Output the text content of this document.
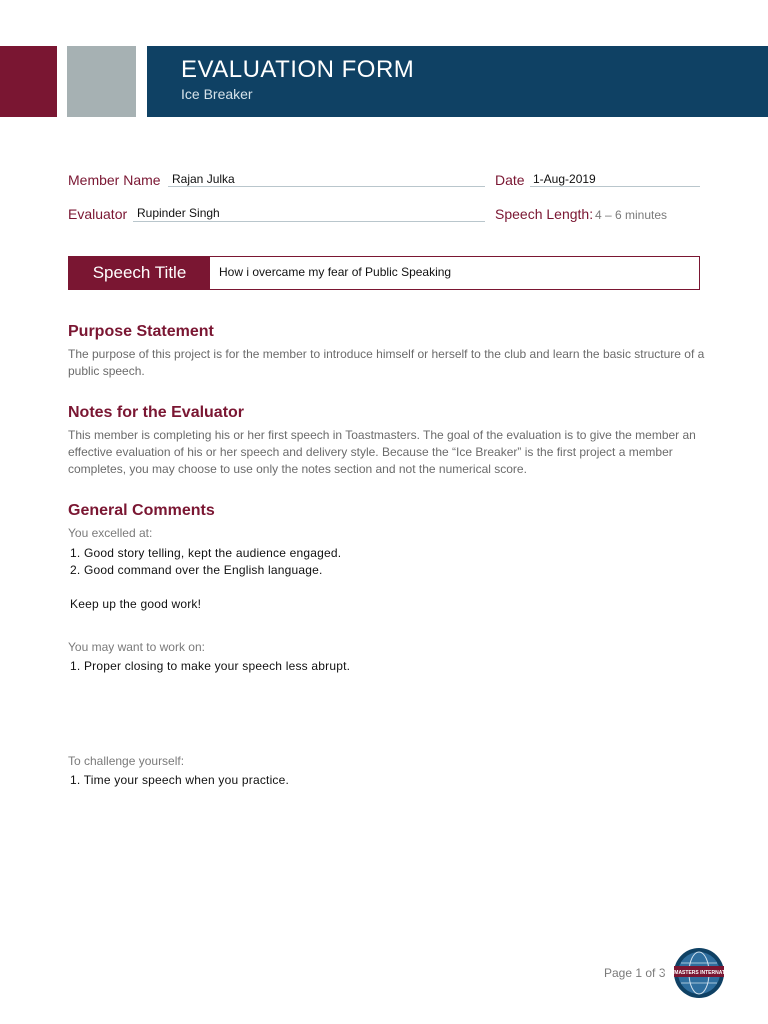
EVALUATION FORM
Ice Breaker
Member Name Rajan Julka	Date 1-Aug-2019
Evaluator Rupinder Singh	Speech Length: 4 – 6 minutes
Speech Title	How i overcame my fear of Public Speaking
Purpose Statement
The purpose of this project is for the member to introduce himself or herself to the club and learn the basic structure of a public speech.
Notes for the Evaluator
This member is completing his or her first speech in Toastmasters. The goal of the evaluation is to give the member an effective evaluation of his or her speech and delivery style. Because the “Ice Breaker” is the first project a member completes, you may choose to use only the notes section and not the numerical score.
General Comments
You excelled at:
1. Good story telling, kept the audience engaged.
2. Good command over the English language.
Keep up the good work!
You may want to work on:
1. Proper closing to make your speech less abrupt.
To challenge yourself:
1. Time your speech when you practice.
Page 1 of 3
TOASTMASTERS INTERNATIONAL
